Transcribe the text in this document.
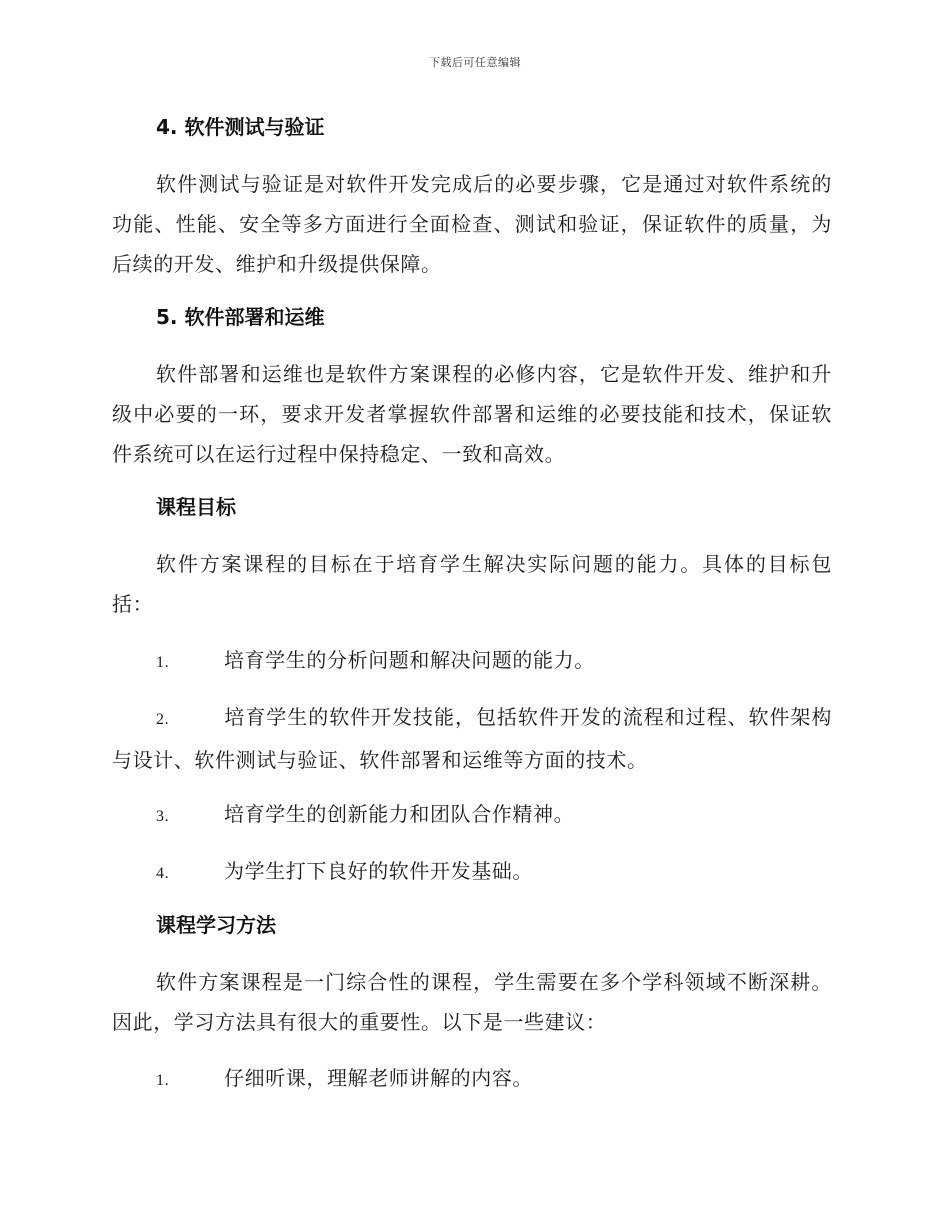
下载后可任意编辑
4. 软件测试与验证

软件测试与验证是对软件开发完成后的必要步骤，它是通过对软件系统的功能、性能、安全等多方面进行全面检查、测试和验证，保证软件的质量，为后续的开发、维护和升级提供保障。

5. 软件部署和运维

软件部署和运维也是软件方案课程的必修内容，它是软件开发、维护和升级中必要的一环，要求开发者掌握软件部署和运维的必要技能和技术，保证软件系统可以在运行过程中保持稳定、一致和高效。

课程目标

软件方案课程的目标在于培育学生解决实际问题的能力。具体的目标包括：

1.	培育学生的分析问题和解决问题的能力。
2.	培育学生的软件开发技能，包括软件开发的流程和过程、软件架构与设计、软件测试与验证、软件部署和运维等方面的技术。
3.	培育学生的创新能力和团队合作精神。
4.	为学生打下良好的软件开发基础。
课程学习方法

软件方案课程是一门综合性的课程，学生需要在多个学科领域不断深耕。因此，学习方法具有很大的重要性。以下是一些建议：

1.	仔细听课，理解老师讲解的内容。
